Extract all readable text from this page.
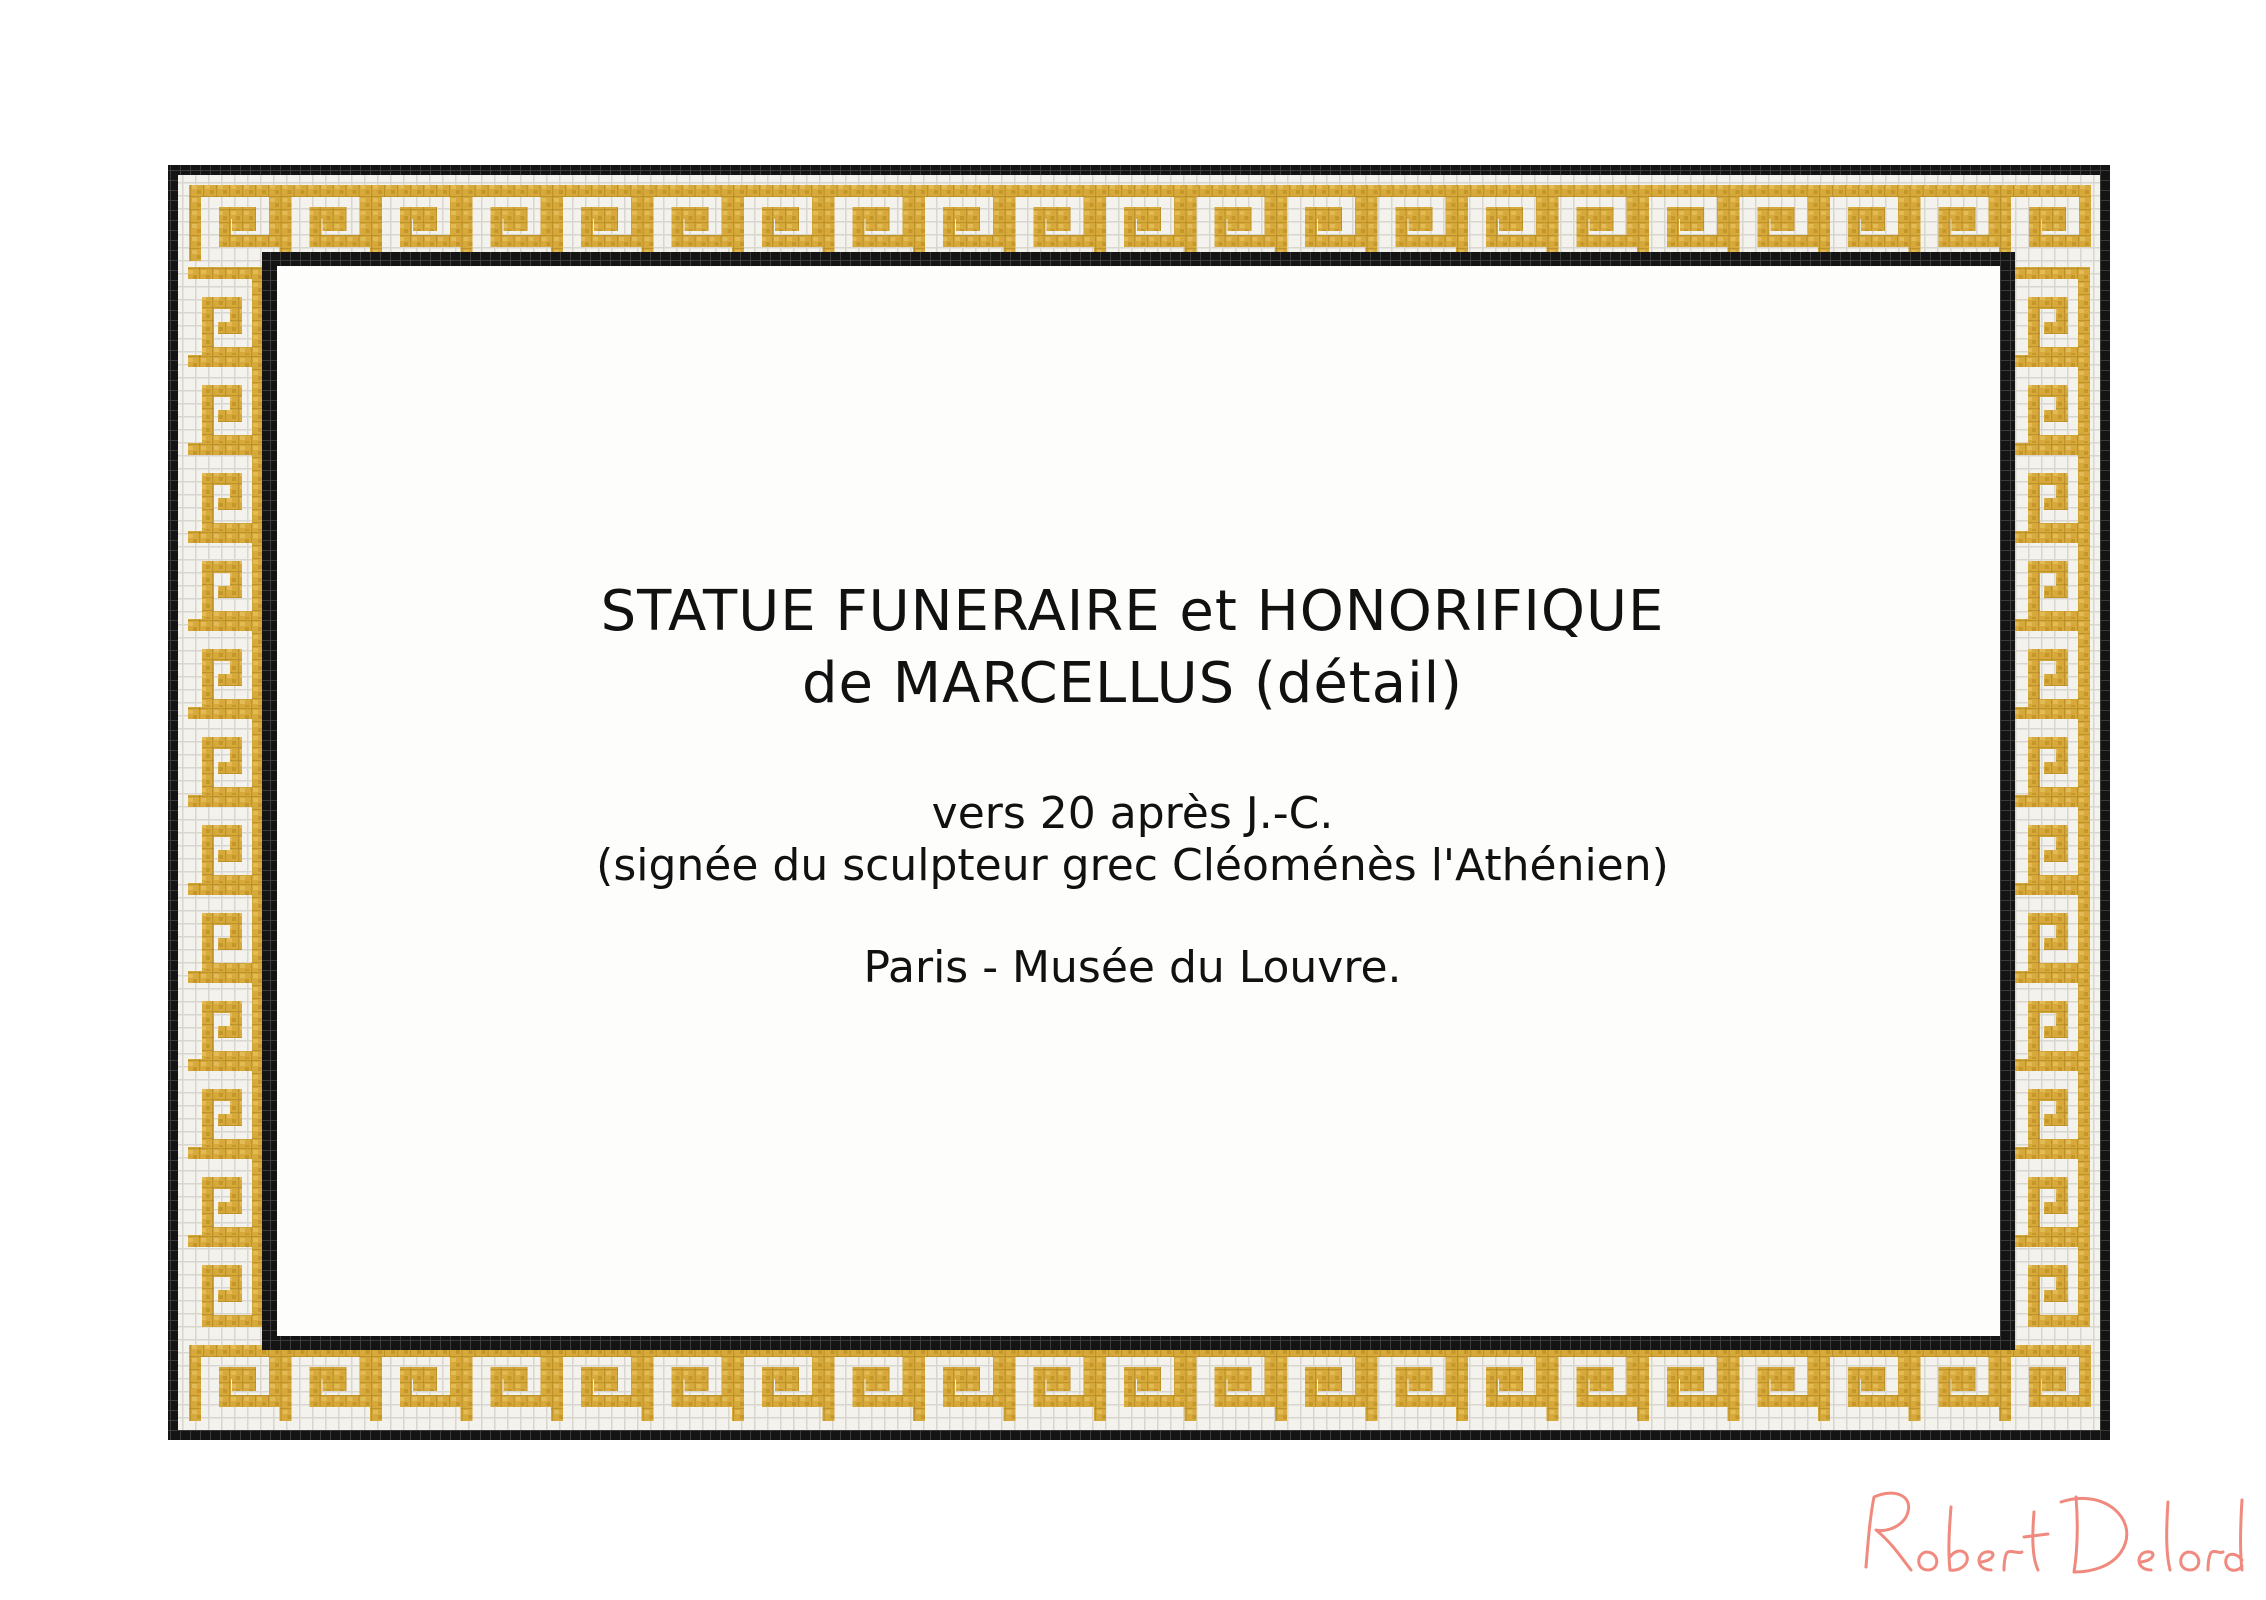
STATUE FUNERAIRE et HONORIFIQUE
de MARCELLUS (détail)
vers 20 après J.-C.
(signée du sculpteur grec Cléoménès l'Athénien)
Paris - Musée du Louvre.
